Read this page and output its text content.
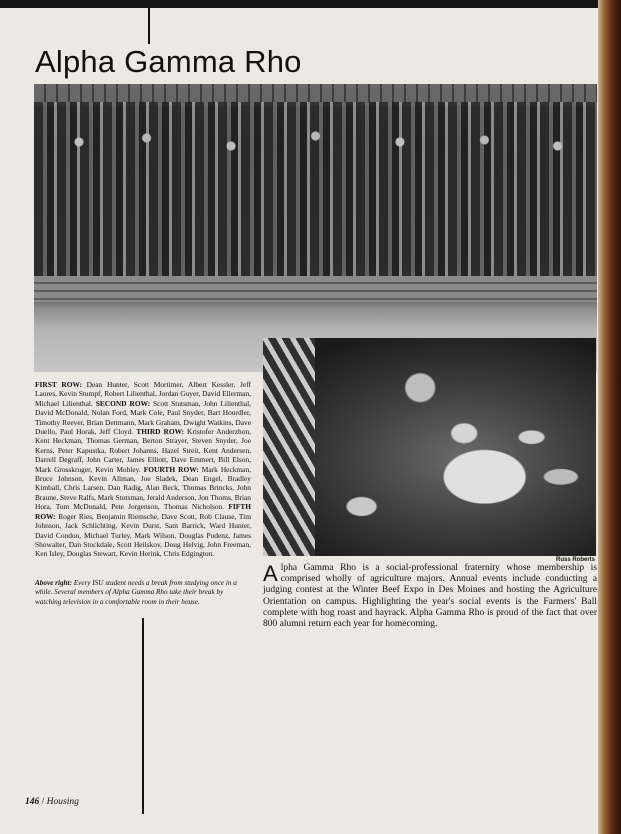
Alpha Gamma Rho
Russ Roberts
FIRST ROW: Dean Hunter, Scott Mortimer, Albert Kessler, Jeff Laures, Kevin Stumpf, Robert Lilienthal, Jordan Guyer, David Ellerman, Michael Lilienthal. SECOND ROW: Scott Stutsman, John Lilienthal, David McDonald, Nolan Ford, Mark Cole, Paul Snyder, Bart Hourdler, Timothy Reever, Brian Dettmann, Mark Graham, Dwight Watkins, Dave Duello, Paul Horak, Jeff Cloyd. THIRD ROW: Kristofer Anderzhon, Kent Heckman, Thomas German, Berton Strayer, Steven Snyder, Joe Kerns, Peter Kapustka, Robert Johanns, Hazel Streit, Kent Andersen, Darrell Degraff, John Carter, James Elliott, Dave Emmert, Bill Elson, Mark Grosskruger, Kevin Mobley. FOURTH ROW: Mark Heckman, Bruce Johnson, Kevin Allman, Joe Sladek, Dean Engel, Bradley Kimball, Chris Larsen, Dan Radig, Alan Beck, Thomas Brincks, John Braune, Steve Ralfs, Mark Stutsman, Jerald Anderson, Jon Thoms, Brian Hora, Tom McDonald, Pete Jorgenson, Thomas Nicholson. FIFTH ROW: Roger Ries, Benjamin Riemsche, Dave Scott, Rob Clause, Tim Johnson, Jack Schlichting, Kevin Durst, Sam Barrick, Ward Hunter, David Condon, Michael Turley, Mark Wilson, Douglas Pudenz, James Showalter, Dan Stockdale, Scott Heilskov, Doug Helvig, John Freeman, Ken Isley, Douglas Stewart, Kevin Herink, Chris Edgington.
Above right: Every ISU student needs a break from studying once in a while. Several members of Alpha Gamma Rho take their break by watching television in a comfortable room in their house.
Alpha Gamma Rho is a social-professional fraternity whose membership is comprised wholly of agriculture majors. Annual events include conducting a judging contest at the Winter Beef Expo in Des Moines and hosting the Agriculture Orientation on campus. Highlighting the year's social events is the Farmers' Ball complete with hog roast and hayrack. Alpha Gamma Rho is proud of the fact that over 800 alumni return each year for homecoming.
146 / Housing
